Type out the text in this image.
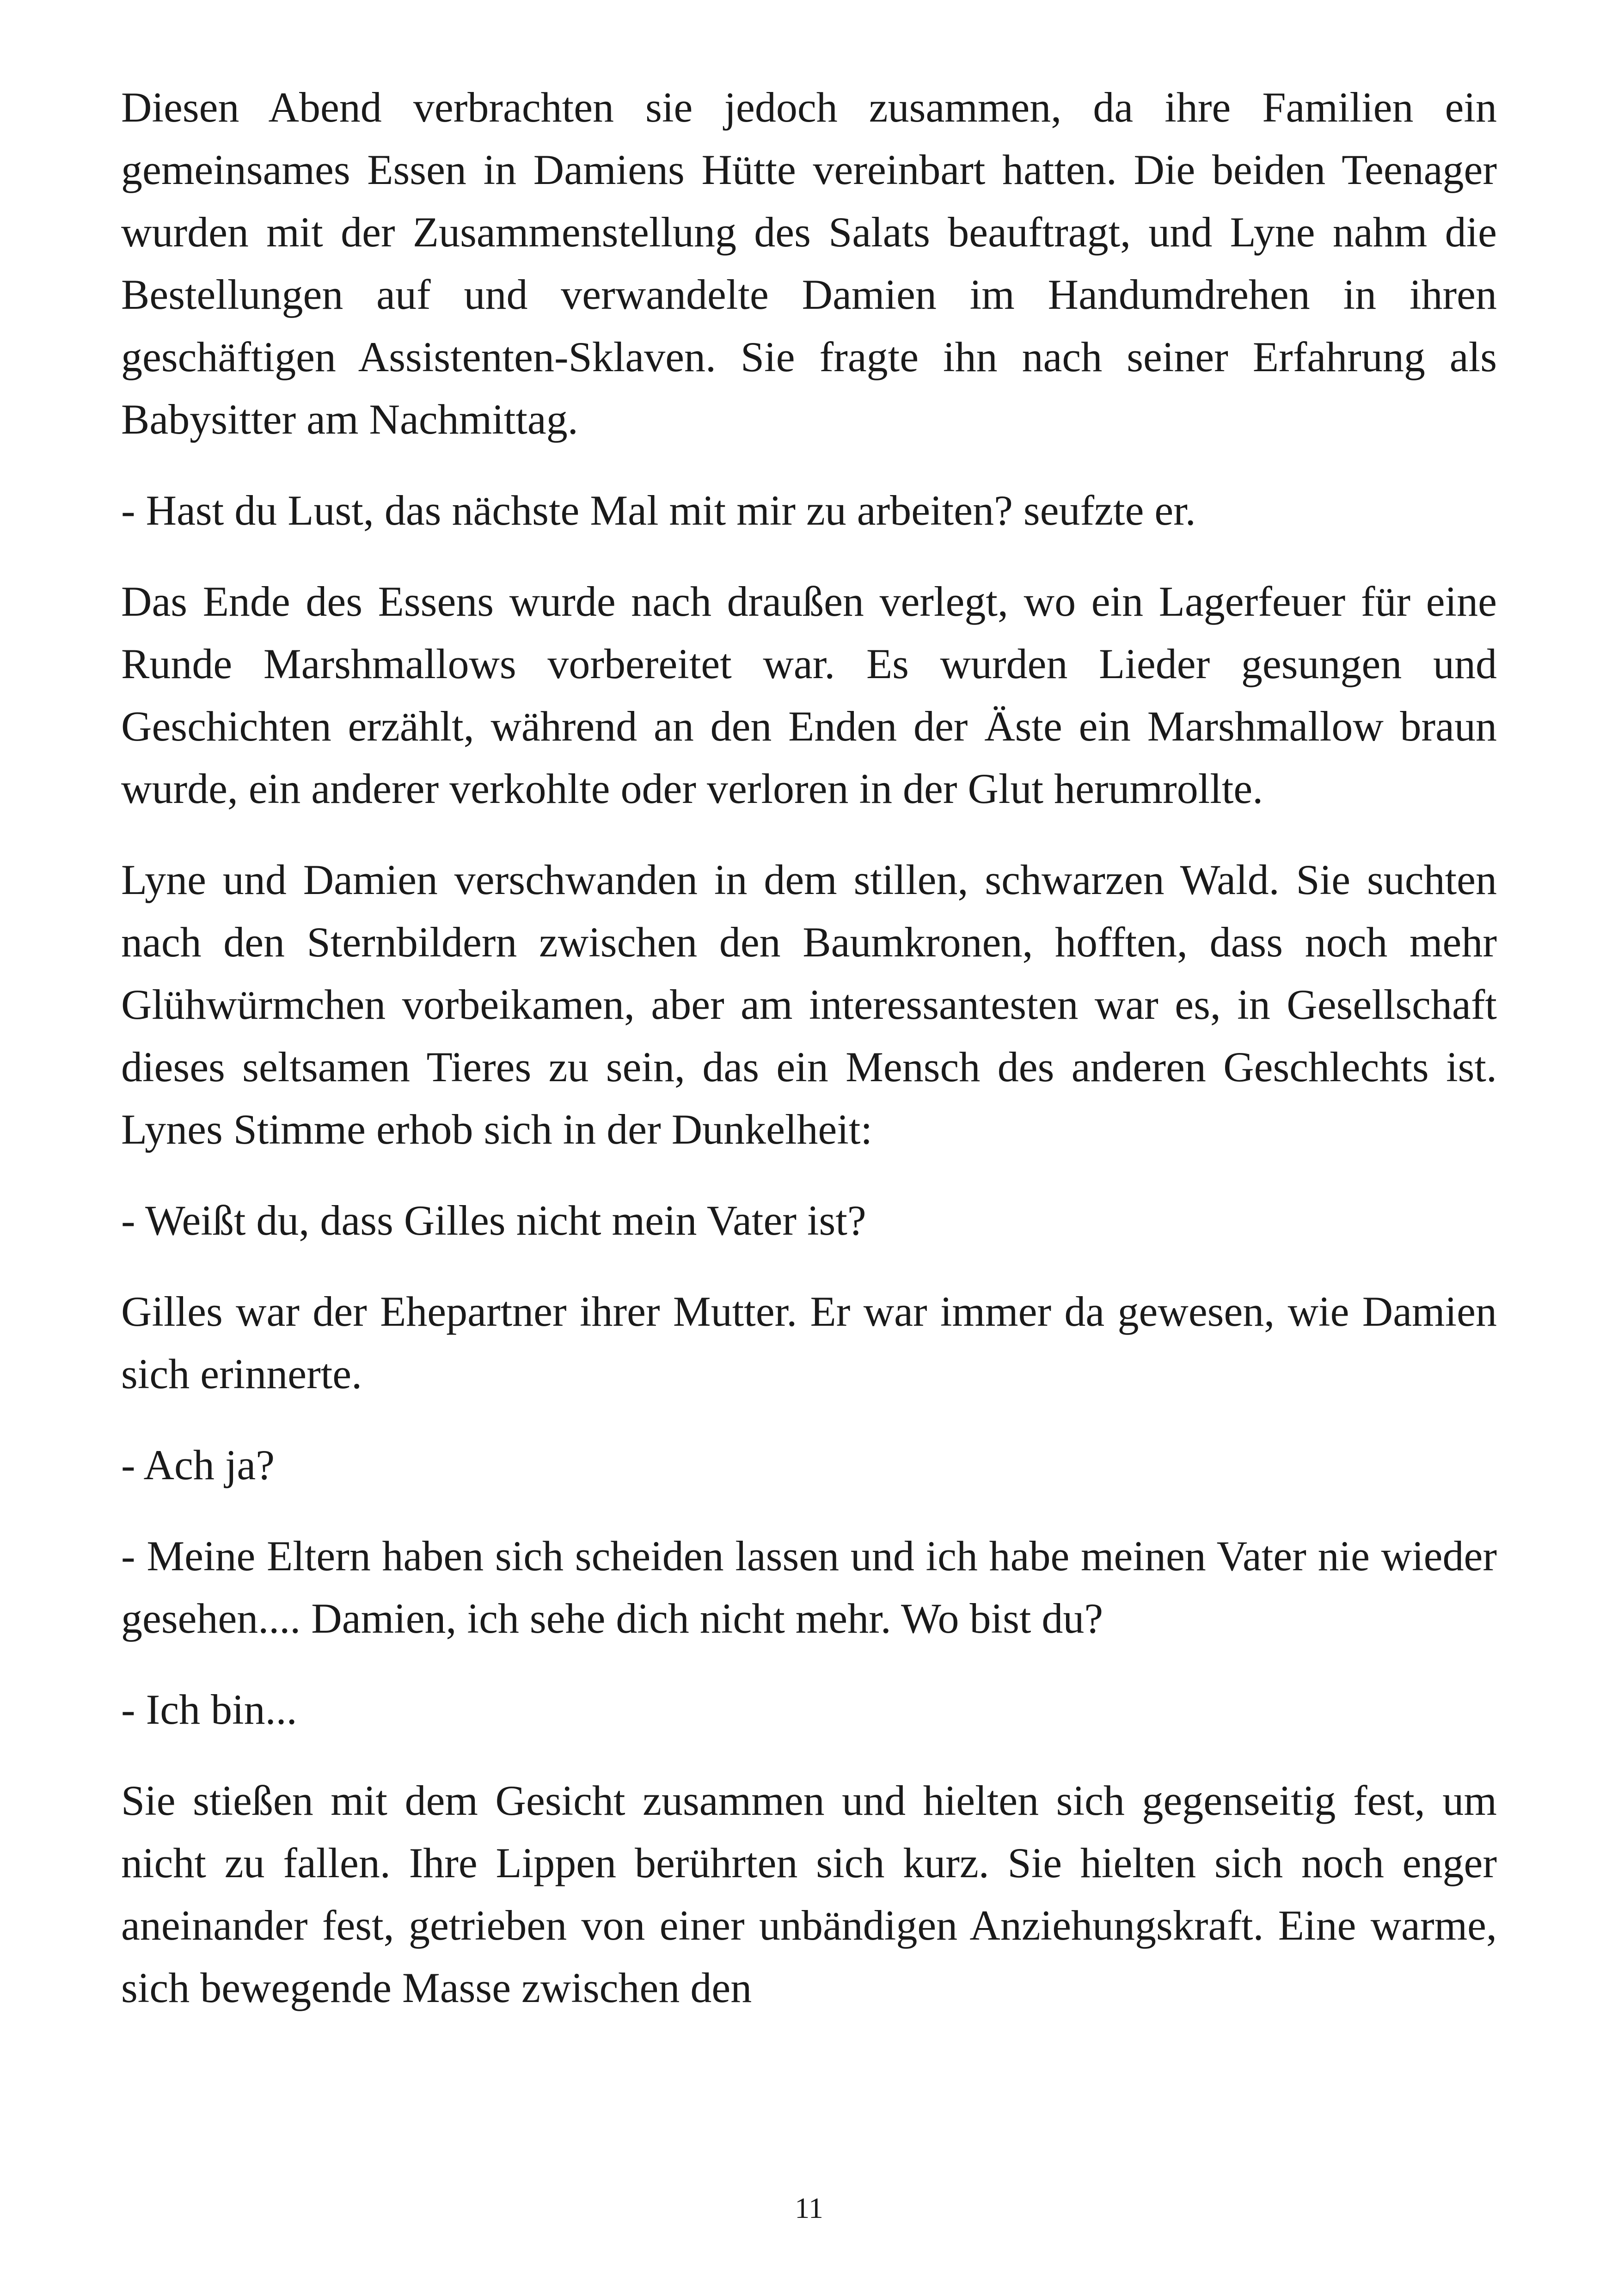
Diesen Abend verbrachten sie jedoch zusammen, da ihre Familien ein gemeinsames Essen in Damiens Hütte vereinbart hatten. Die beiden Teenager wurden mit der Zusammenstellung des Salats beauftragt, und Lyne nahm die Bestellungen auf und verwandelte Damien im Handumdrehen in ihren geschäftigen Assistenten-Sklaven. Sie fragte ihn nach seiner Erfahrung als Babysitter am Nachmittag.

- Hast du Lust, das nächste Mal mit mir zu arbeiten? seufzte er.

Das Ende des Essens wurde nach draußen verlegt, wo ein Lagerfeuer für eine Runde Marshmallows vorbereitet war. Es wurden Lieder gesungen und Geschichten erzählt, während an den Enden der Äste ein Marshmallow braun wurde, ein anderer verkohlte oder verloren in der Glut herumrollte.

Lyne und Damien verschwanden in dem stillen, schwarzen Wald. Sie suchten nach den Sternbildern zwischen den Baumkronen, hofften, dass noch mehr Glühwürmchen vorbeikamen, aber am interessantesten war es, in Gesellschaft dieses seltsamen Tieres zu sein, das ein Mensch des anderen Geschlechts ist. Lynes Stimme erhob sich in der Dunkelheit:

- Weißt du, dass Gilles nicht mein Vater ist?

Gilles war der Ehepartner ihrer Mutter. Er war immer da gewesen, wie Damien sich erinnerte.

- Ach ja?

- Meine Eltern haben sich scheiden lassen und ich habe meinen Vater nie wieder gesehen.... Damien, ich sehe dich nicht mehr. Wo bist du?

- Ich bin...

Sie stießen mit dem Gesicht zusammen und hielten sich gegenseitig fest, um nicht zu fallen. Ihre Lippen berührten sich kurz. Sie hielten sich noch enger aneinander fest, getrieben von einer unbändigen Anziehungskraft. Eine warme, sich bewegende Masse zwischen den

11
